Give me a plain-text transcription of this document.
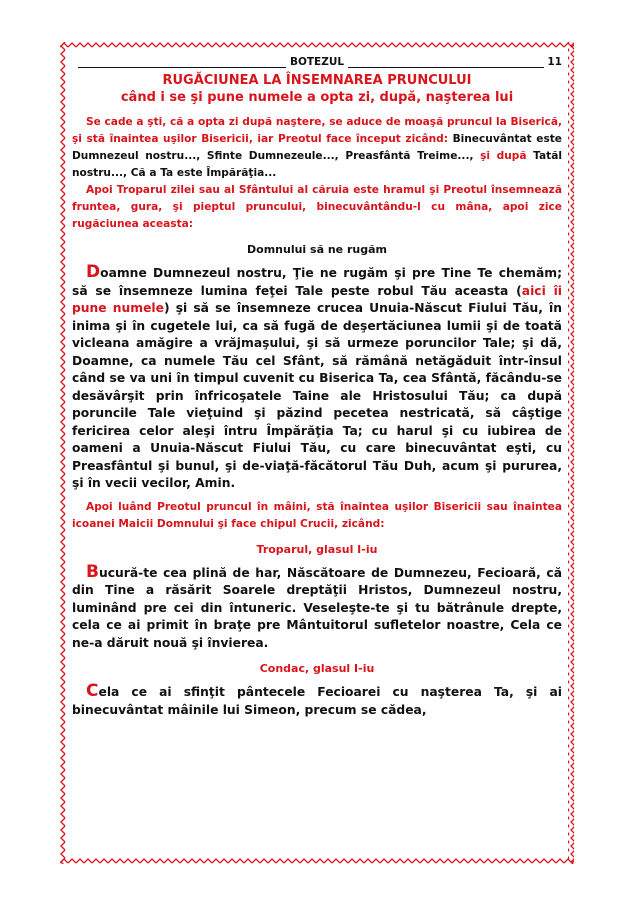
BOTEZUL	11
RUGĂCIUNEA LA ÎNSEMNAREA PRUNCULUI
când i se şi pune numele a opta zi, după, naşterea lui

Se cade a şti, că a opta zi după naştere, se aduce de moaşă pruncul la Biserică, şi stă înaintea uşilor Bisericii, iar Preotul face început zicând: Binecuvântat este Dumnezeul nostru..., Sfinte Dumnezeule..., Preasfântă Treime..., şi după Tatăl nostru..., Că a Ta este Împărăţia...

Apoi Troparul zilei sau al Sfântului al căruia este hramul şi Preotul însemnează fruntea, gura, şi pieptul pruncului, binecuvântându-l cu mâna, apoi zice rugăciunea aceasta:

Domnului să ne rugăm

Doamne Dumnezeul nostru, Ţie ne rugăm şi pre Tine Te chemăm; să se însemneze lumina feţei Tale peste robul Tău aceasta (aici îi pune numele) şi să se însemneze crucea Unuia-Născut Fiului Tău, în inima şi în cugetele lui, ca să fugă de deşertăciunea lumii şi de toată vicleana amăgire a vrăjmaşului, şi să urmeze poruncilor Tale; şi dă, Doamne, ca numele Tău cel Sfânt, să rămână netăgăduit într-însul când se va uni în timpul cuvenit cu Biserica Ta, cea Sfântă, făcându-se desăvârşit prin înfricoşatele Taine ale Hristosului Tău; ca după poruncile Tale vieţuind şi păzind pecetea nestricată, să câştige fericirea celor aleşi întru Împărăţia Ta; cu harul şi cu iubirea de oameni a Unuia-Născut Fiului Tău, cu care binecuvântat eşti, cu Preasfântul şi bunul, şi de-viaţă-făcătorul Tău Duh, acum şi pururea, şi în vecii vecilor, Amin.

Apoi luând Preotul pruncul în mâini, stă înaintea uşilor Bisericii sau înaintea icoanei Maicii Domnului şi face chipul Crucii, zicând:

Troparul, glasul I-iu

Bucură-te cea plină de har, Născătoare de Dumnezeu, Fecioară, că din Tine a răsărit Soarele dreptăţii Hristos, Dumnezeul nostru, luminând pre cei din întuneric. Veseleşte-te şi tu bătrânule drepte, cela ce ai primit în braţe pre Mântuitorul sufletelor noastre, Cela ce ne-a dăruit nouă şi învierea.

Condac, glasul I-iu

Cela ce ai sfinţit pântecele Fecioarei cu naşterea Ta, şi ai binecuvântat mâinile lui Simeon, precum se cădea,
